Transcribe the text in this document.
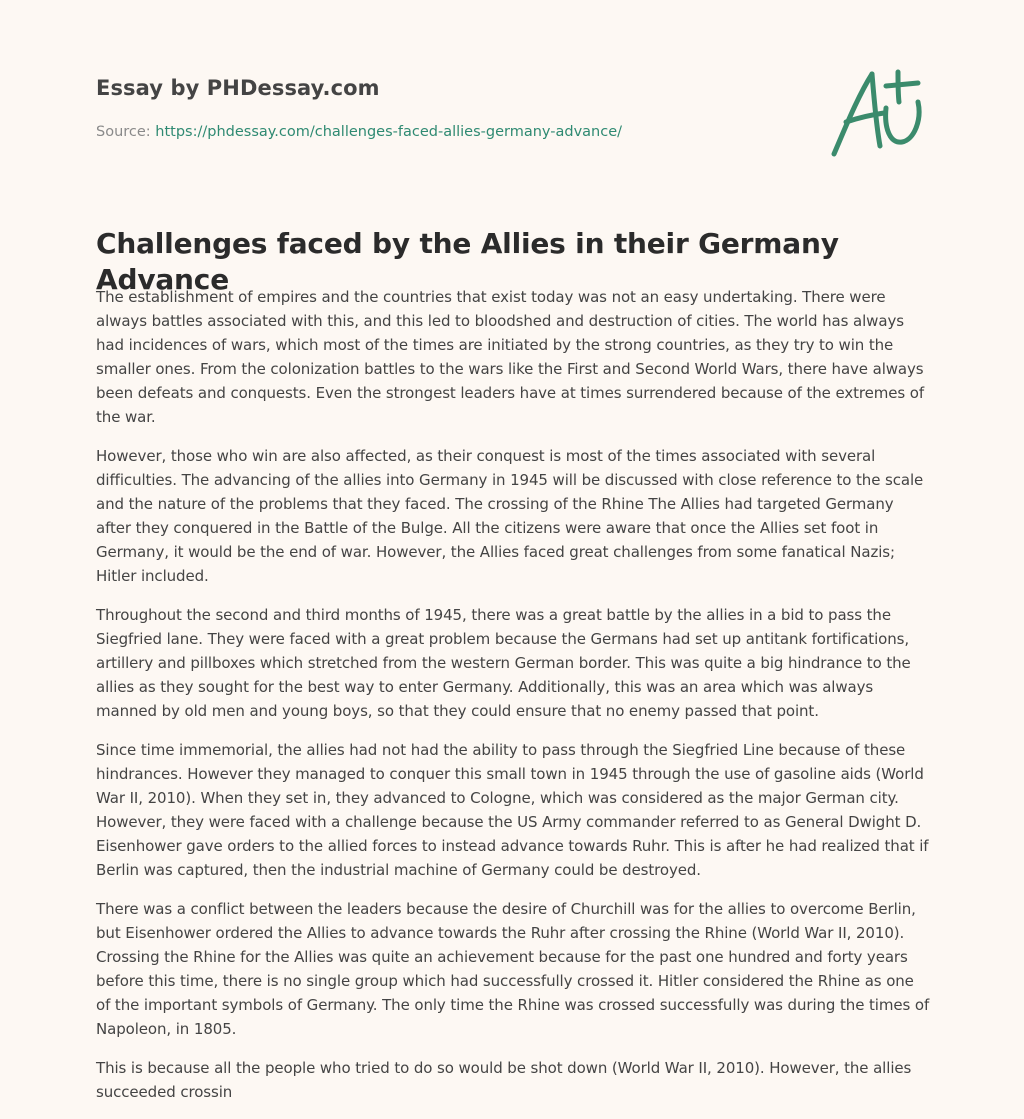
Essay by PHDessay.com
Source: https://phdessay.com/challenges-faced-allies-germany-advance/
Challenges faced by the Allies in their Germany Advance

The establishment of empires and the countries that exist today was not an easy undertaking. There were always battles associated with this, and this led to bloodshed and destruction of cities. The world has always had incidences of wars, which most of the times are initiated by the strong countries, as they try to win the smaller ones. From the colonization battles to the wars like the First and Second World Wars, there have always been defeats and conquests. Even the strongest leaders have at times surrendered because of the extremes of the war.

However, those who win are also affected, as their conquest is most of the times associated with several difficulties. The advancing of the allies into Germany in 1945 will be discussed with close reference to the scale and the nature of the problems that they faced. The crossing of the Rhine The Allies had targeted Germany after they conquered in the Battle of the Bulge. All the citizens were aware that once the Allies set foot in Germany, it would be the end of war. However, the Allies faced great challenges from some fanatical Nazis; Hitler included.

Throughout the second and third months of 1945, there was a great battle by the allies in a bid to pass the Siegfried lane. They were faced with a great problem because the Germans had set up antitank fortifications, artillery and pillboxes which stretched from the western German border. This was quite a big hindrance to the allies as they sought for the best way to enter Germany. Additionally, this was an area which was always manned by old men and young boys, so that they could ensure that no enemy passed that point.

Since time immemorial, the allies had not had the ability to pass through the Siegfried Line because of these hindrances. However they managed to conquer this small town in 1945 through the use of gasoline aids (World War II, 2010). When they set in, they advanced to Cologne, which was considered as the major German city. However, they were faced with a challenge because the US Army commander referred to as General Dwight D. Eisenhower gave orders to the allied forces to instead advance towards Ruhr. This is after he had realized that if Berlin was captured, then the industrial machine of Germany could be destroyed.

There was a conflict between the leaders because the desire of Churchill was for the allies to overcome Berlin, but Eisenhower ordered the Allies to advance towards the Ruhr after crossing the Rhine (World War II, 2010). Crossing the Rhine for the Allies was quite an achievement because for the past one hundred and forty years before this time, there is no single group which had successfully crossed it. Hitler considered the Rhine as one of the important symbols of Germany. The only time the Rhine was crossed successfully was during the times of Napoleon, in 1805.

This is because all the people who tried to do so would be shot down (World War II, 2010). However, the allies succeeded crossin
